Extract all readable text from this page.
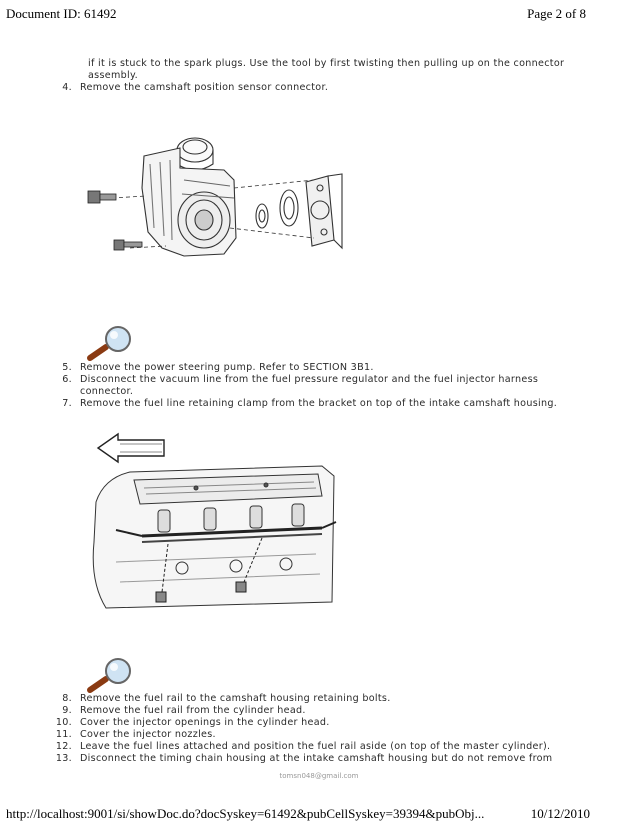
Document ID: 61492	Page 2 of 8
if it is stuck to the spark plugs. Use the tool by first twisting then pulling up on the connector
assembly.
4. Remove the camshaft position sensor connector.
5. Remove the power steering pump. Refer to SECTION 3B1.
6. Disconnect the vacuum line from the fuel pressure regulator and the fuel injector harness
connector.
7. Remove the fuel line retaining clamp from the bracket on top of the intake camshaft housing.
8. Remove the fuel rail to the camshaft housing retaining bolts.
9. Remove the fuel rail from the cylinder head.
10. Cover the injector openings in the cylinder head.
11. Cover the injector nozzles.
12. Leave the fuel lines attached and position the fuel rail aside (on top of the master cylinder).
13. Disconnect the timing chain housing at the intake camshaft housing but do not remove from
tomsn048@gmail.com
http://localhost:9001/si/showDoc.do?docSyskey=61492&pubCellSyskey=39394&pubObj...	10/12/2010
